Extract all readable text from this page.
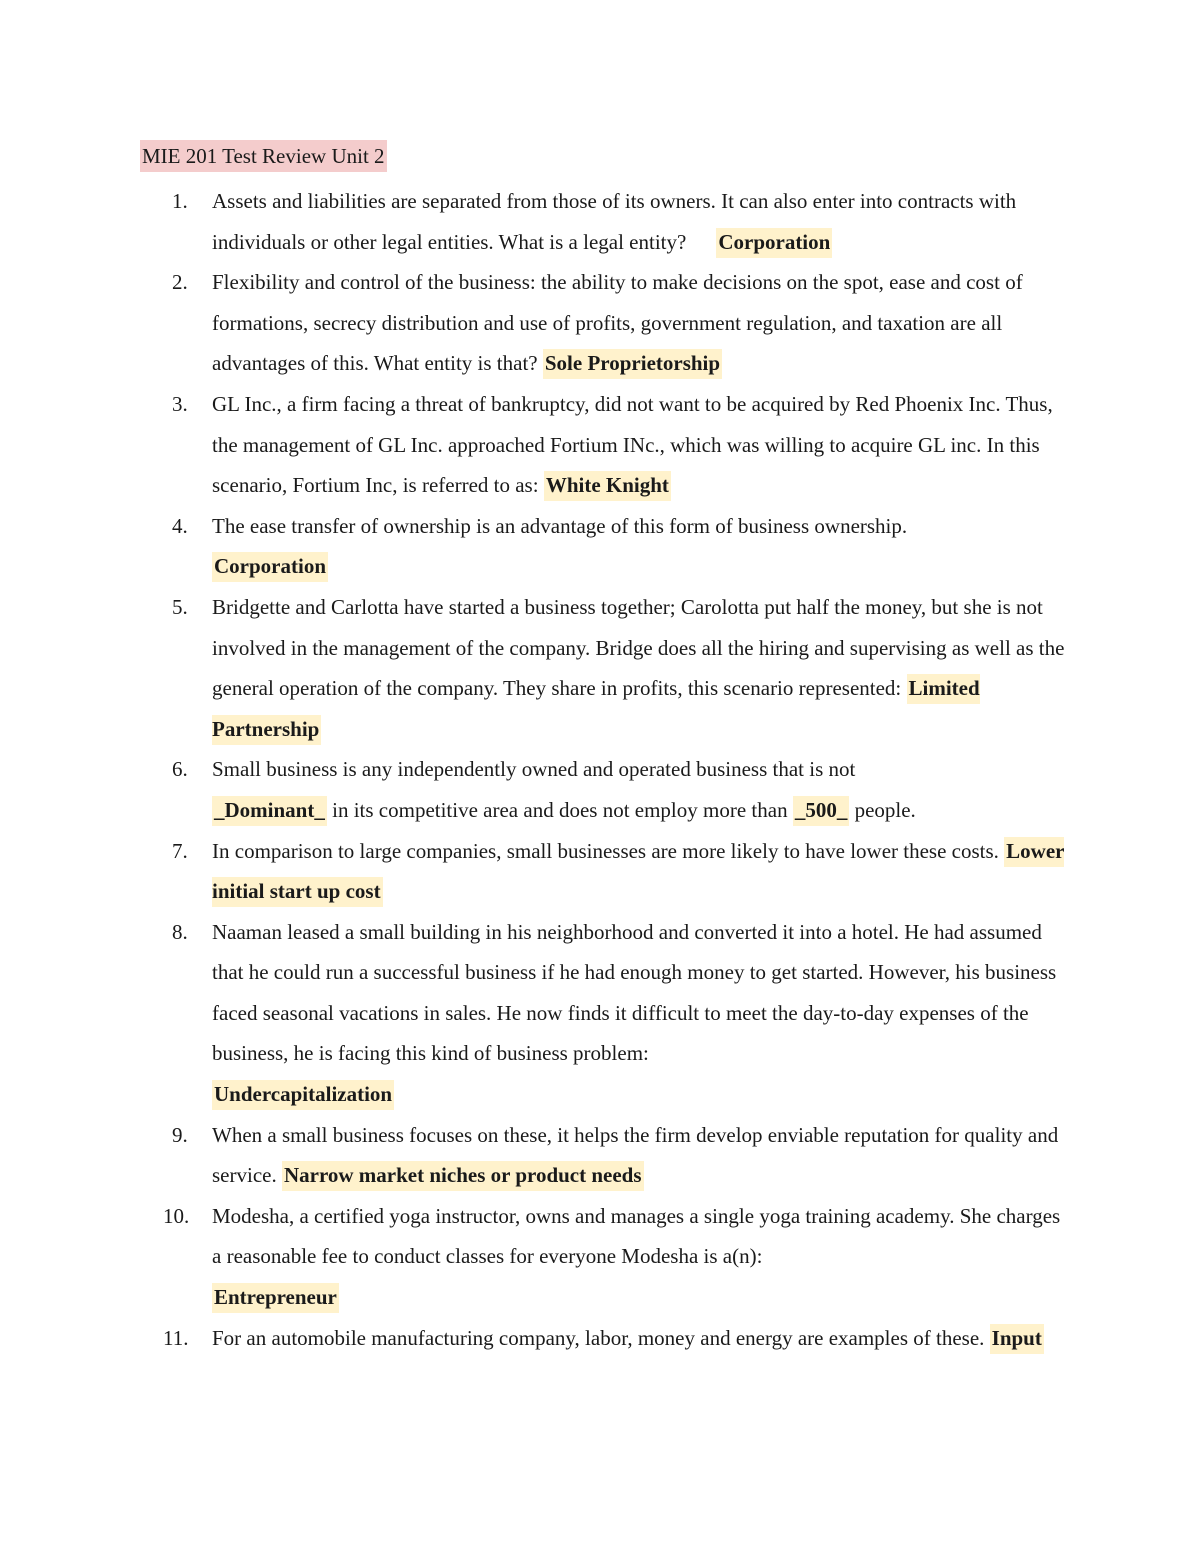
MIE 201 Test Review Unit 2
1.	Assets and liabilities are separated from those of its owners. It can also enter into contracts with individuals or other legal entities. What is a legal entity? Corporation
2.	Flexibility and control of the business: the ability to make decisions on the spot, ease and cost of formations, secrecy distribution and use of profits, government regulation, and taxation are all advantages of this. What entity is that? Sole Proprietorship
3.	GL Inc., a firm facing a threat of bankruptcy, did not want to be acquired by Red Phoenix Inc. Thus, the management of GL Inc. approached Fortium INc., which was willing to acquire GL inc. In this scenario, Fortium Inc, is referred to as: White Knight
4.	The ease transfer of ownership is an advantage of this form of business ownership.
Corporation
5.	Bridgette and Carlotta have started a business together; Carolotta put half the money, but she is not involved in the management of the company. Bridge does all the hiring and supervising as well as the general operation of the company. They share in profits, this scenario represented: Limited Partnership
6.	Small business is any independently owned and operated business that is not
_Dominant_ in its competitive area and does not employ more than _500_ people.
7.	In comparison to large companies, small businesses are more likely to have lower these costs. Lower initial start up cost
8.	Naaman leased a small building in his neighborhood and converted it into a hotel. He had assumed that he could run a successful business if he had enough money to get started. However, his business faced seasonal vacations in sales. He now finds it difficult to meet the day-to-day expenses of the business, he is facing this kind of business problem:
Undercapitalization
9.	When a small business focuses on these, it helps the firm develop enviable reputation for quality and service. Narrow market niches or product needs
10.	Modesha, a certified yoga instructor, owns and manages a single yoga training academy. She charges a reasonable fee to conduct classes for everyone Modesha is a(n):
Entrepreneur
11.	For an automobile manufacturing company, labor, money and energy are examples of these. Input
